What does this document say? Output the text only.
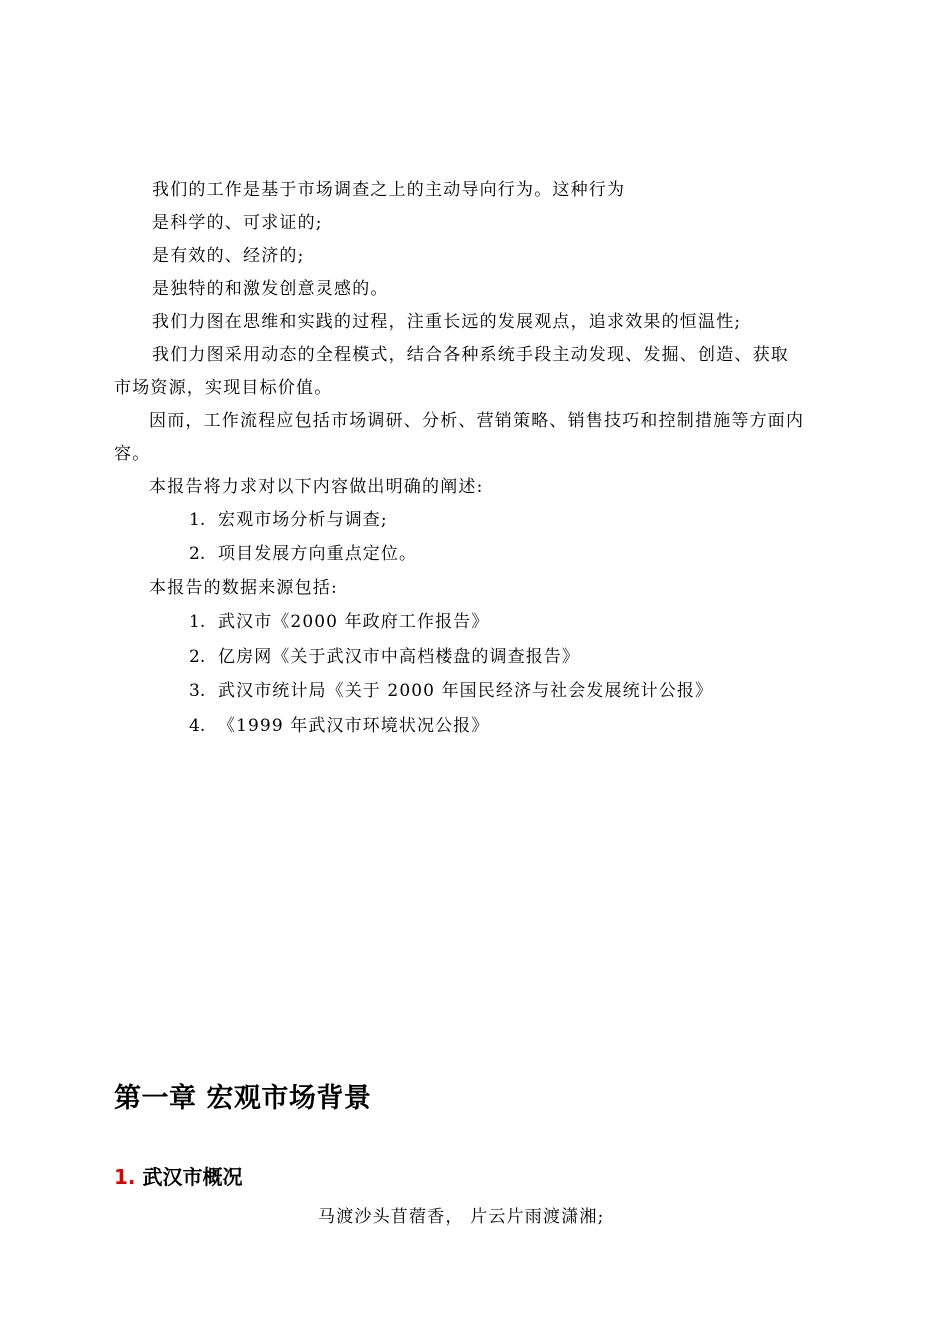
我们的工作是基于市场调查之上的主动导向行为。这种行为
是科学的、可求证的;
是有效的、经济的;
是独特的和激发创意灵感的。
我们力图在思维和实践的过程，注重长远的发展观点，追求效果的恒温性;
我们力图采用动态的全程模式，结合各种系统手段主动发现、发掘、创造、获取
市场资源，实现目标价值。
因而，工作流程应包括市场调研、分析、营销策略、销售技巧和控制措施等方面内
容。
本报告将力求对以下内容做出明确的阐述:
1. 宏观市场分析与调查;
2. 项目发展方向重点定位。
本报告的数据来源包括:
1. 武汉市《2000 年政府工作报告》
2. 亿房网《关于武汉市中高档楼盘的调查报告》
3. 武汉市统计局《关于 2000 年国民经济与社会发展统计公报》
4. 《1999 年武汉市环境状况公报》
第一章 宏观市场背景
1. 武汉市概况
马渡沙头苜蓿香， 片云片雨渡潇湘;
